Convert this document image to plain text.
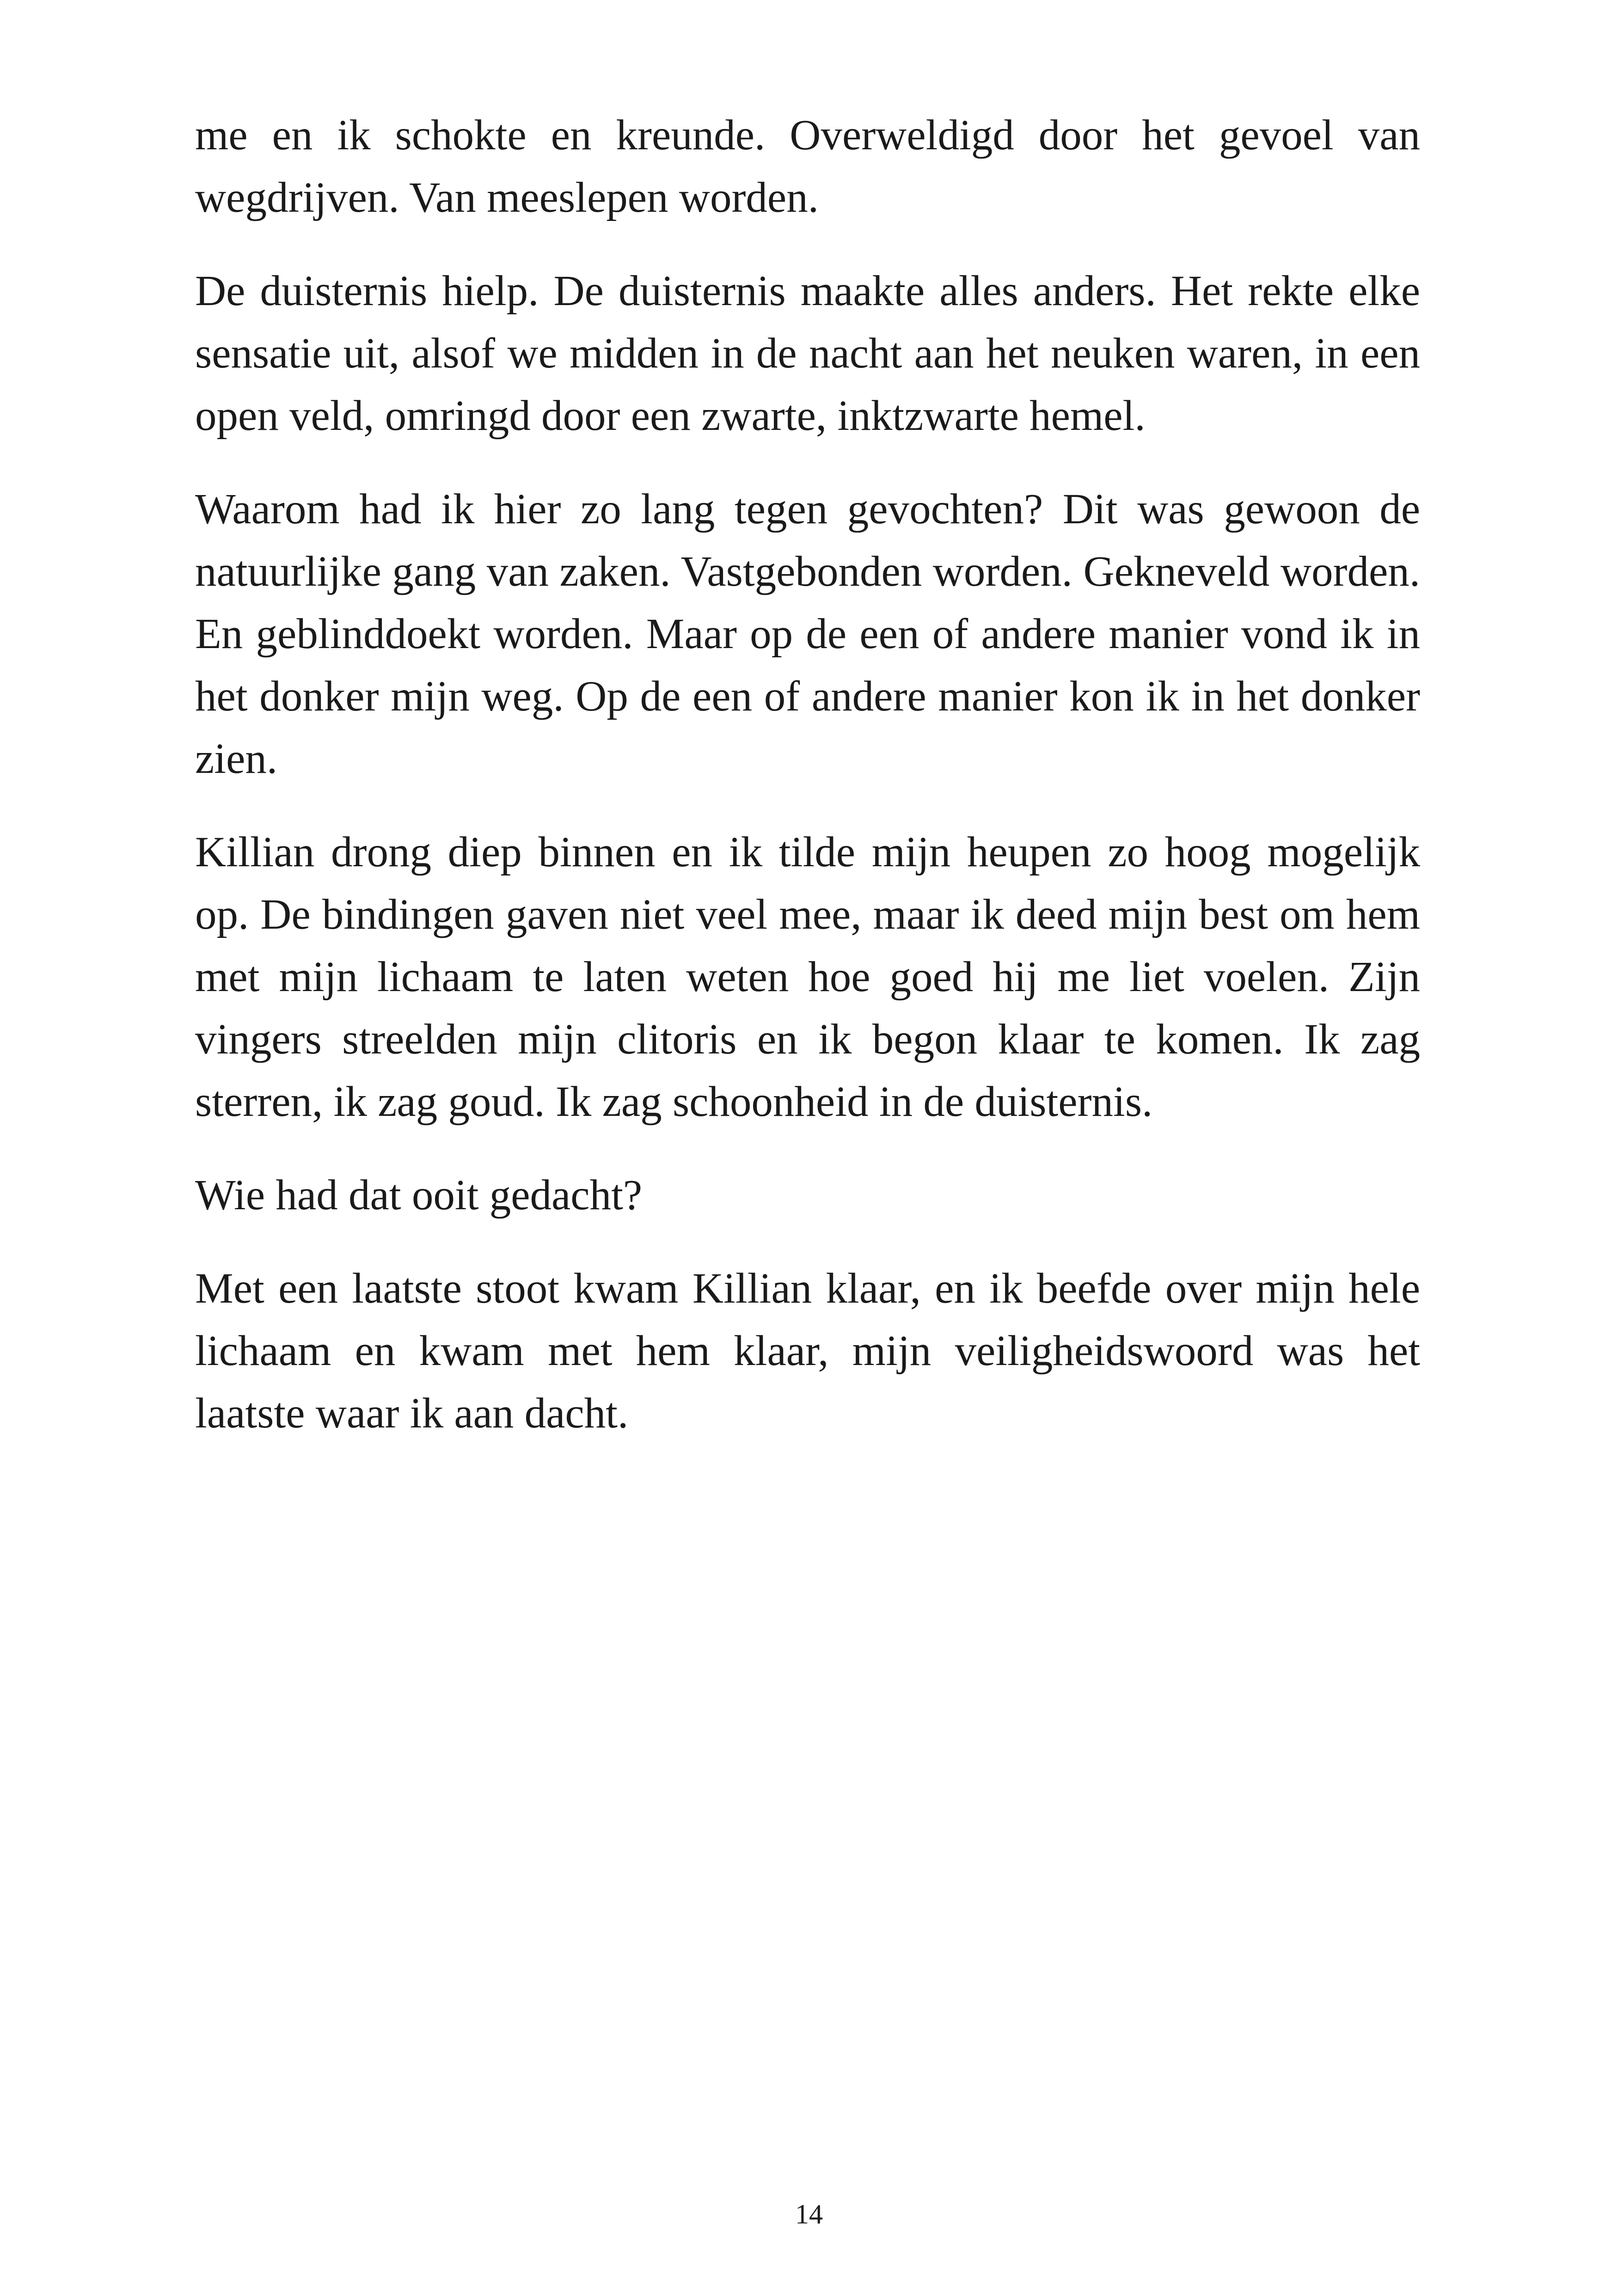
me en ik schokte en kreunde. Overweldigd door het gevoel van wegdrijven. Van meeslepen worden.

De duisternis hielp. De duisternis maakte alles anders. Het rekte elke sensatie uit, alsof we midden in de nacht aan het neuken waren, in een open veld, omringd door een zwarte, inktzwarte hemel.

Waarom had ik hier zo lang tegen gevochten? Dit was gewoon de natuurlijke gang van zaken. Vastgebonden worden. Gekneveld worden. En geblinddoekt worden. Maar op de een of andere manier vond ik in het donker mijn weg. Op de een of andere manier kon ik in het donker zien.

Killian drong diep binnen en ik tilde mijn heupen zo hoog mogelijk op. De bindingen gaven niet veel mee, maar ik deed mijn best om hem met mijn lichaam te laten weten hoe goed hij me liet voelen. Zijn vingers streelden mijn clitoris en ik begon klaar te komen. Ik zag sterren, ik zag goud. Ik zag schoonheid in de duisternis.

Wie had dat ooit gedacht?

Met een laatste stoot kwam Killian klaar, en ik beefde over mijn hele lichaam en kwam met hem klaar, mijn veiligheidswoord was het laatste waar ik aan dacht.

14
